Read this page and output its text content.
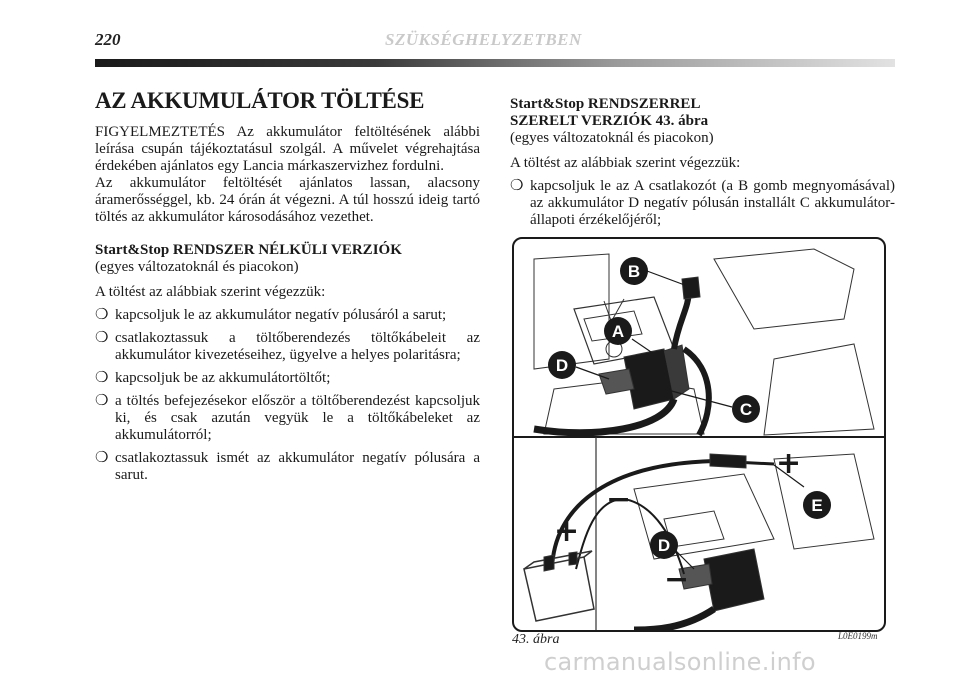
220	SZÜKSÉGHELYZETBEN
AZ AKKUMULÁTOR TÖLTÉSE

FIGYELMEZTETÉS Az akkumulátor feltöltésének alábbi leírása csupán tájékoztatásul szolgál. A művelet végrehajtása érdekében ajánlatos egy Lancia márkaszervizhez fordulni.

Az akkumulátor feltöltését ajánlatos lassan, alacsony áramerősséggel, kb. 24 órán át végezni. A túl hosszú ideig tartó töltés az akkumulátor károsodásához vezethet.

Start&Stop RENDSZER NÉLKÜLI VERZIÓK
(egyes változatoknál és piacokon)

A töltést az alábbiak szerint végezzük:

❍ kapcsoljuk le az akkumulátor negatív pólusáról a sarut;
❍ csatlakoztassuk a töltőberendezés töltőkábeleit az akkumulátor kivezetéseihez, ügyelve a helyes polaritásra;
❍ kapcsoljuk be az akkumulátortöltőt;
❍ a töltés befejezésekor először a töltőberendezést kapcsoljuk ki, és csak azután vegyük le a töltőkábeleket az akkumulátorról;
❍ csatlakoztassuk ismét az akkumulátor negatív pólusára a sarut.
Start&Stop RENDSZERREL
SZERELT VERZIÓK 43. ábra
(egyes változatoknál és piacokon)

A töltést az alábbiak szerint végezzük:

❍ kapcsoljuk le az A csatlakozót (a B gomb megnyomásával) az akkumulátor D negatív pólusán installált C akkumulátor-állapoti érzékelőjéről;
B
A
D
C
+
E
−
+	D
−
43. ábra	L0E0199m
carmanualsonline.info
